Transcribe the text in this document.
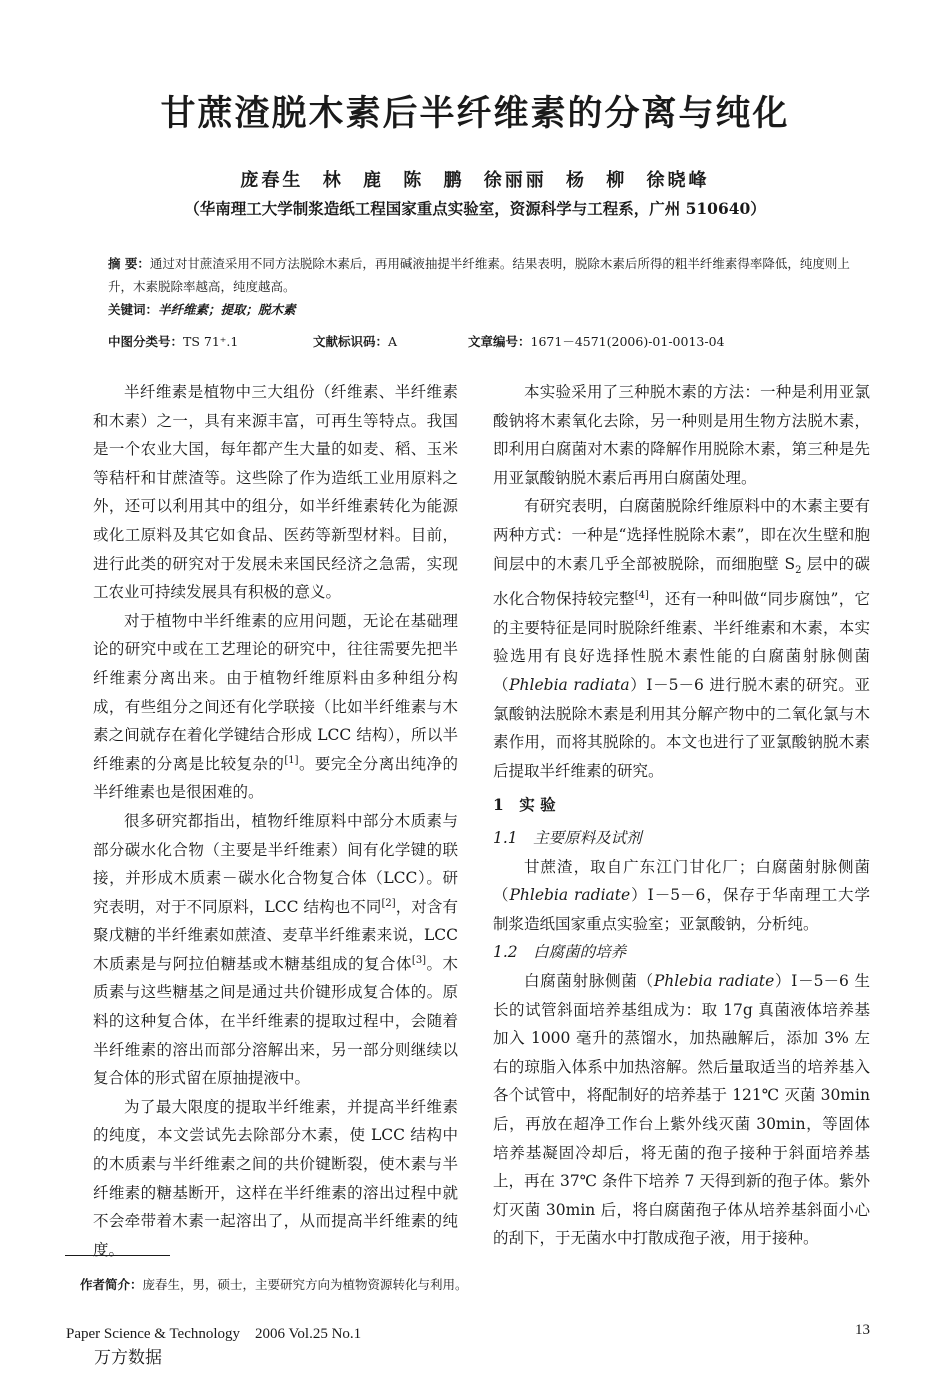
甘蔗渣脱木素后半纤维素的分离与纯化
庞春生 林 鹿 陈 鹏 徐丽丽 杨 柳 徐晓峰
（华南理工大学制浆造纸工程国家重点实验室，资源科学与工程系，广州 510640）
摘 要：通过对甘蔗渣采用不同方法脱除木素后，再用碱液抽提半纤维素。结果表明，脱除木素后所得的粗半纤维素得率降低，纯度则上升，木素脱除率越高，纯度越高。
关键词：半纤维素；提取；脱木素
中图分类号：TS 71⁺.1	文献标识码：A	文章编号：1671－4571(2006)-01-0013-04

半纤维素是植物中三大组份（纤维素、半纤维素和木素）之一，具有来源丰富，可再生等特点。我国是一个农业大国，每年都产生大量的如麦、稻、玉米等秸杆和甘蔗渣等。这些除了作为造纸工业用原料之外，还可以利用其中的组分，如半纤维素转化为能源或化工原料及其它如食品、医药等新型材料。目前，进行此类的研究对于发展未来国民经济之急需，实现工农业可持续发展具有积极的意义。

对于植物中半纤维素的应用问题，无论在基础理论的研究中或在工艺理论的研究中，往往需要先把半纤维素分离出来。由于植物纤维原料由多种组分构成，有些组分之间还有化学联接（比如半纤维素与木素之间就存在着化学键结合形成 LCC 结构），所以半纤维素的分离是比较复杂的[1]。要完全分离出纯净的半纤维素也是很困难的。

很多研究都指出，植物纤维原料中部分木质素与部分碳水化合物（主要是半纤维素）间有化学键的联接，并形成木质素－碳水化合物复合体（LCC）。研究表明，对于不同原料，LCC 结构也不同[2]，对含有聚戊糖的半纤维素如蔗渣、麦草半纤维素来说，LCC 木质素是与阿拉伯糖基或木糖基组成的复合体[3]。木质素与这些糖基之间是通过共价键形成复合体的。原料的这种复合体，在半纤维素的提取过程中，会随着半纤维素的溶出而部分溶解出来，另一部分则继续以复合体的形式留在原抽提液中。

为了最大限度的提取半纤维素，并提高半纤维素的纯度，本文尝试先去除部分木素，使 LCC 结构中的木质素与半纤维素之间的共价键断裂，使木素与半纤维素的糖基断开，这样在半纤维素的溶出过程中就不会牵带着木素一起溶出了，从而提高半纤维素的纯度。

本实验采用了三种脱木素的方法：一种是利用亚氯酸钠将木素氧化去除，另一种则是用生物方法脱木素，即利用白腐菌对木素的降解作用脱除木素，第三种是先用亚氯酸钠脱木素后再用白腐菌处理。

有研究表明，白腐菌脱除纤维原料中的木素主要有两种方式：一种是“选择性脱除木素”，即在次生壁和胞间层中的木素几乎全部被脱除，而细胞壁 $S_2$ 层中的碳水化合物保持较完整[4]，还有一种叫做“同步腐蚀”，它的主要特征是同时脱除纤维素、半纤维素和木素，本实验选用有良好选择性脱木素性能的白腐菌射脉侧菌（Phlebia radiata）Ⅰ－5－6 进行脱木素的研究。亚氯酸钠法脱除木素是利用其分解产物中的二氧化氯与木素作用，而将其脱除的。本文也进行了亚氯酸钠脱木素后提取半纤维素的研究。

1　实 验
1.1　主要原料及试剂

甘蔗渣，取自广东江门甘化厂；白腐菌射脉侧菌（Phlebia radiate）Ⅰ－5－6，保存于华南理工大学制浆造纸国家重点实验室；亚氯酸钠，分析纯。

1.2　白腐菌的培养

白腐菌射脉侧菌（Phlebia radiate）Ⅰ－5－6 生长的试管斜面培养基组成为：取 17g 真菌液体培养基加入 1000 毫升的蒸馏水，加热融解后，添加 3% 左右的琼脂入体系中加热溶解。然后量取适当的培养基入各个试管中，将配制好的培养基于 121℃ 灭菌 30min 后，再放在超净工作台上紫外线灭菌 30min，等固体培养基凝固冷却后，将无菌的孢子接种于斜面培养基上，再在 37℃ 条件下培养 7 天得到新的孢子体。紫外灯灭菌 30min 后，将白腐菌孢子体从培养基斜面小心的刮下，于无菌水中打散成孢子液，用于接种。

作者简介：庞春生，男，硕士，主要研究方向为植物资源转化与利用。
Paper Science & Technology　2006 Vol.25 No.1	13
万方数据
